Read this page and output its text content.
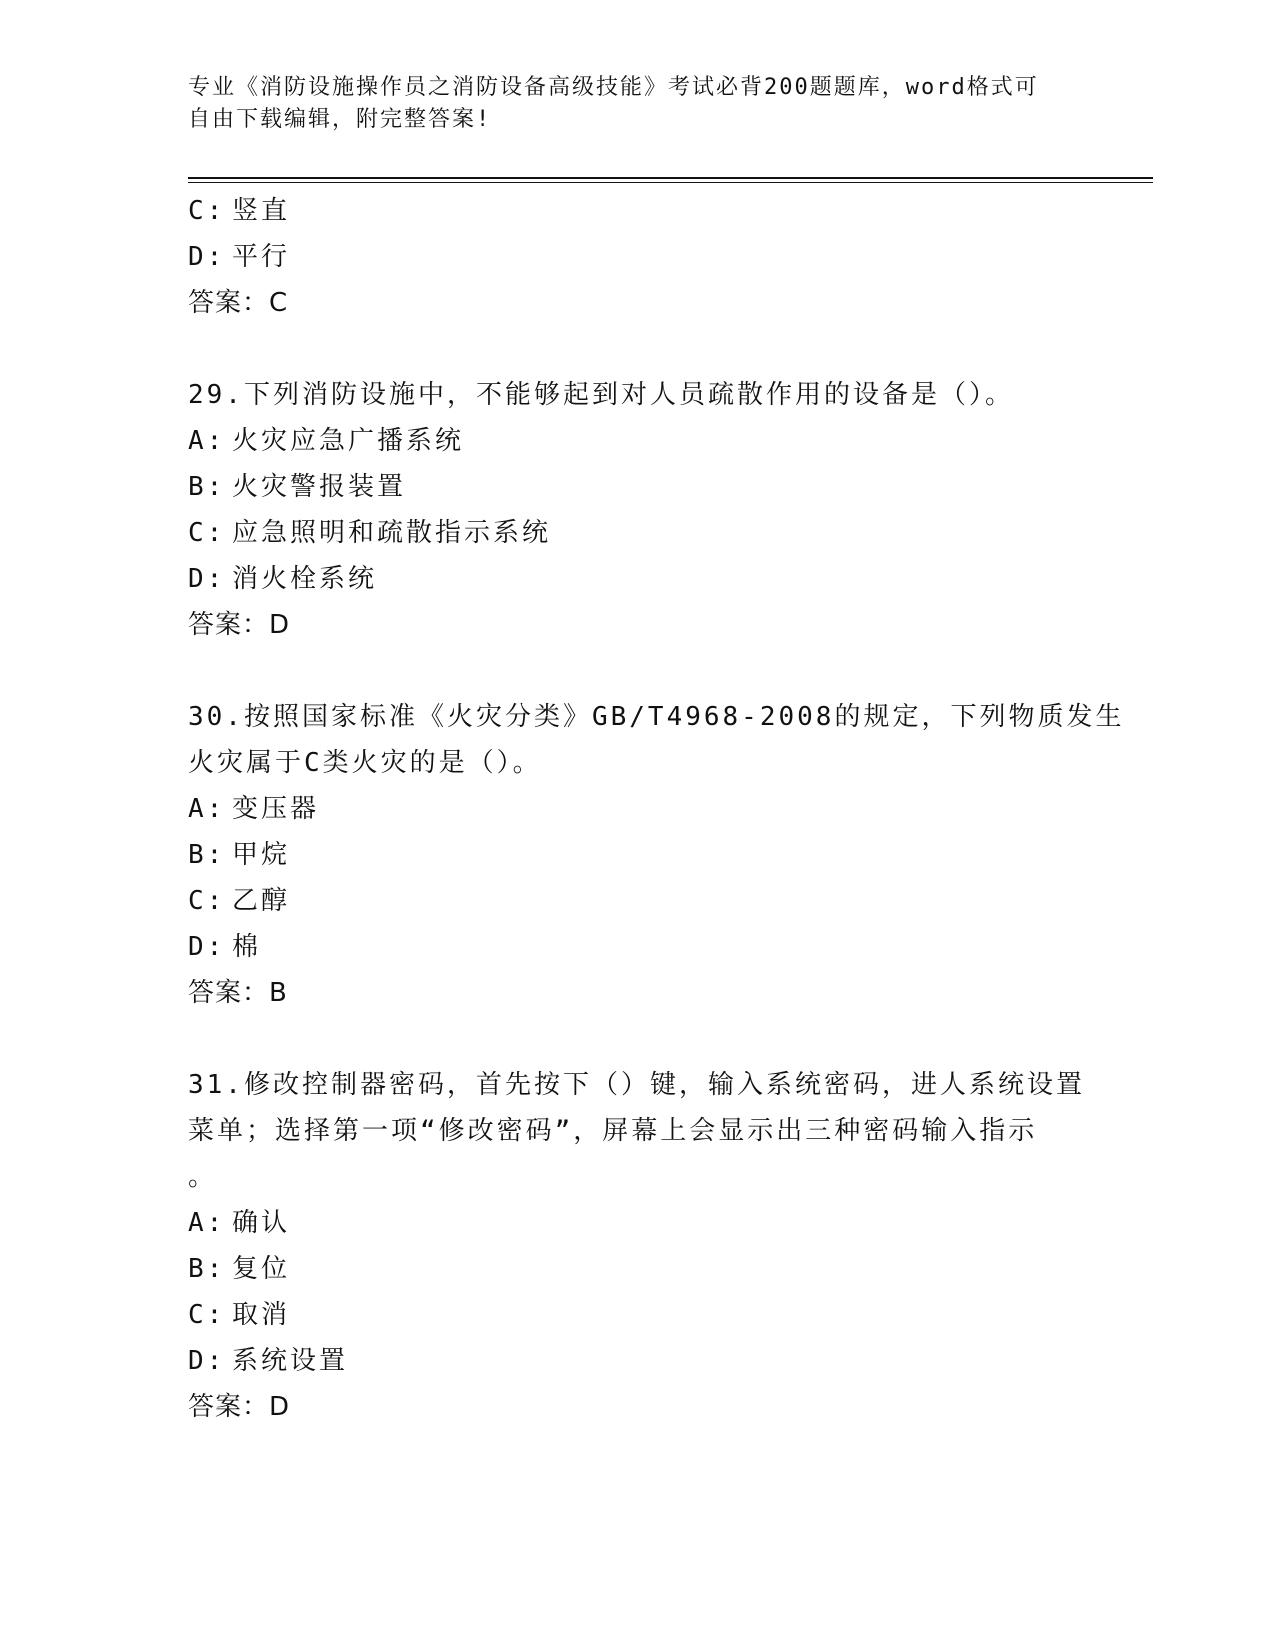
专业《消防设施操作员之消防设备高级技能》考试必背200题题库，word格式可
自由下载编辑，附完整答案!
C: 竖直
D: 平行
答案：C
29.下列消防设施中，不能够起到对人员疏散作用的设备是（）。
A: 火灾应急广播系统
B: 火灾警报装置
C: 应急照明和疏散指示系统
D: 消火栓系统
答案：D
30.按照国家标准《火灾分类》GB/T4968-2008的规定，下列物质发生
火灾属于C类火灾的是（）。
A: 变压器
B: 甲烷
C: 乙醇
D: 棉
答案：B
31.修改控制器密码，首先按下（）键，输入系统密码，进人系统设置
菜单；选择第一项“修改密码”，屏幕上会显示出三种密码输入指示
。
A: 确认
B: 复位
C: 取消
D: 系统设置
答案：D
